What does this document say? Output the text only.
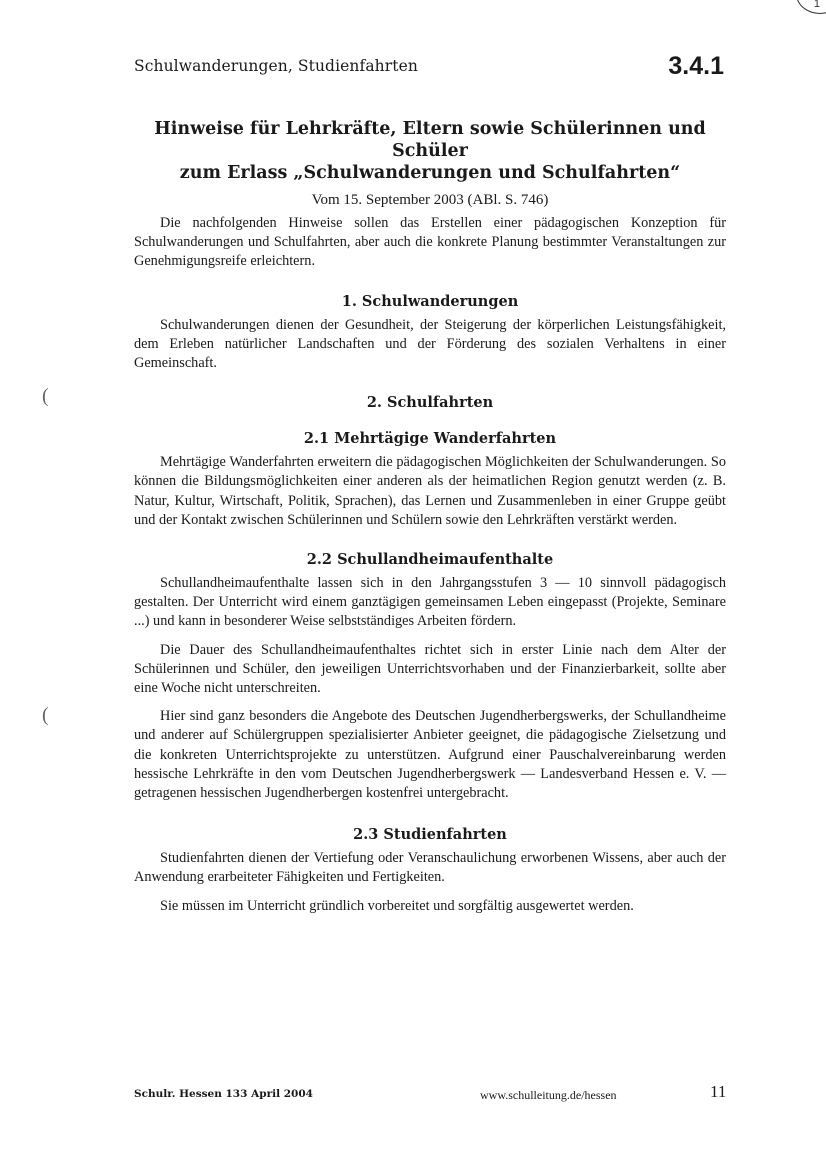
1
Schulwanderungen, Studienfahrten	3.4.1
(
(
Hinweise für Lehrkräfte, Eltern sowie Schülerinnen und Schüler
zum Erlass „Schulwanderungen und Schulfahrten“
Vom 15. September 2003 (ABl. S. 746)

Die nachfolgenden Hinweise sollen das Erstellen einer pädagogischen Konzeption für Schulwanderungen und Schulfahrten, aber auch die konkrete Planung bestimmter Veranstaltungen zur Genehmigungsreife erleichtern.

1. Schulwanderungen

Schulwanderungen dienen der Gesundheit, der Steigerung der körperlichen Leistungsfähigkeit, dem Erleben natürlicher Landschaften und der Förderung des sozialen Verhaltens in einer Gemeinschaft.

2. Schulfahrten
2.1 Mehrtägige Wanderfahrten

Mehrtägige Wanderfahrten erweitern die pädagogischen Möglichkeiten der Schulwanderungen. So können die Bildungsmöglichkeiten einer anderen als der heimatlichen Region genutzt werden (z. B. Natur, Kultur, Wirtschaft, Politik, Sprachen), das Lernen und Zusammenleben in einer Gruppe geübt und der Kontakt zwischen Schülerinnen und Schülern sowie den Lehrkräften verstärkt werden.

2.2 Schullandheimaufenthalte

Schullandheimaufenthalte lassen sich in den Jahrgangsstufen 3 — 10 sinnvoll pädagogisch gestalten. Der Unterricht wird einem ganztägigen gemeinsamen Leben eingepasst (Projekte, Seminare ...) und kann in besonderer Weise selbstständiges Arbeiten fördern.

Die Dauer des Schullandheimaufenthaltes richtet sich in erster Linie nach dem Alter der Schülerinnen und Schüler, den jeweiligen Unterrichtsvorhaben und der Finanzierbarkeit, sollte aber eine Woche nicht unterschreiten.

Hier sind ganz besonders die Angebote des Deutschen Jugendherbergswerks, der Schullandheime und anderer auf Schülergruppen spezialisierter Anbieter geeignet, die pädagogische Zielsetzung und die konkreten Unterrichtsprojekte zu unterstützen. Aufgrund einer Pauschalvereinbarung werden hessische Lehrkräfte in den vom Deutschen Jugendherbergswerk — Landesverband Hessen e. V. — getragenen hessischen Jugendherbergen kostenfrei untergebracht.

2.3 Studienfahrten

Studienfahrten dienen der Vertiefung oder Veranschaulichung erworbenen Wissens, aber auch der Anwendung erarbeiteter Fähigkeiten und Fertigkeiten.

Sie müssen im Unterricht gründlich vorbereitet und sorgfältig ausgewertet werden.

Schulr. Hessen 133 April 2004	www.schulleitung.de/hessen	11
